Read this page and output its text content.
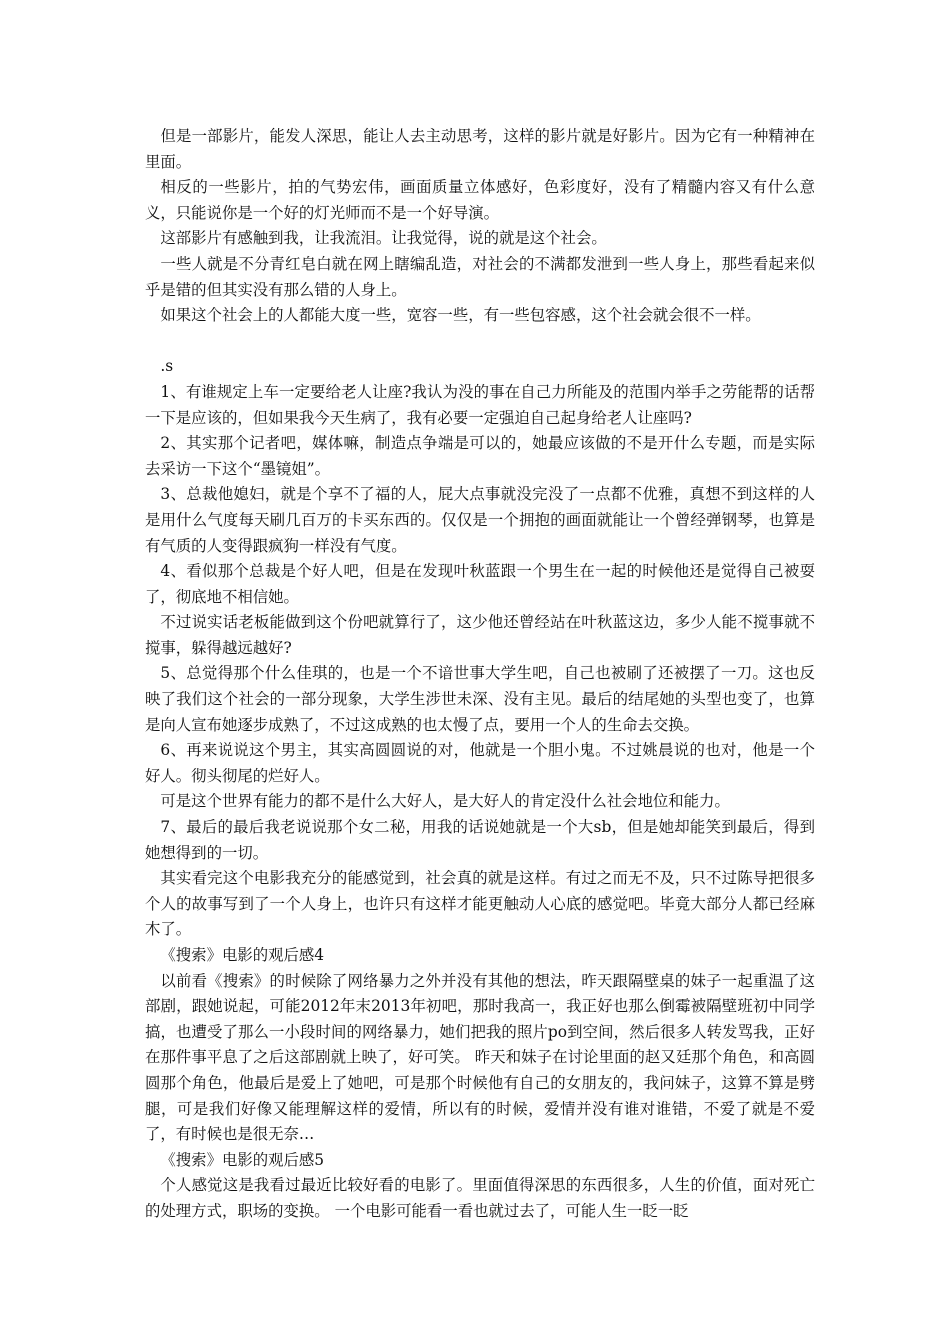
但是一部影片，能发人深思，能让人去主动思考，这样的影片就是好影片。因为它有一种精神在里面。

相反的一些影片，拍的气势宏伟，画面质量立体感好，色彩度好，没有了精髓内容又有什么意义，只能说你是一个好的灯光师而不是一个好导演。

这部影片有感触到我，让我流泪。让我觉得，说的就是这个社会。

一些人就是不分青红皂白就在网上瞎编乱造，对社会的不满都发泄到一些人身上，那些看起来似乎是错的但其实没有那么错的人身上。

如果这个社会上的人都能大度一些，宽容一些，有一些包容感，这个社会就会很不一样。

.s

1、有谁规定上车一定要给老人让座?我认为没的事在自己力所能及的范围内举手之劳能帮的话帮一下是应该的，但如果我今天生病了，我有必要一定强迫自己起身给老人让座吗?

2、其实那个记者吧，媒体嘛，制造点争端是可以的，她最应该做的不是开什么专题，而是实际去采访一下这个“墨镜姐”。

3、总裁他媳妇，就是个享不了福的人，屁大点事就没完没了一点都不优雅，真想不到这样的人是用什么气度每天刷几百万的卡买东西的。仅仅是一个拥抱的画面就能让一个曾经弹钢琴，也算是有气质的人变得跟疯狗一样没有气度。

4、看似那个总裁是个好人吧，但是在发现叶秋蓝跟一个男生在一起的时候他还是觉得自己被耍了，彻底地不相信她。

不过说实话老板能做到这个份吧就算行了，这少他还曾经站在叶秋蓝这边，多少人能不搅事就不搅事，躲得越远越好?

5、总觉得那个什么佳琪的，也是一个不谙世事大学生吧，自己也被刷了还被摆了一刀。这也反映了我们这个社会的一部分现象，大学生涉世未深、没有主见。最后的结尾她的头型也变了，也算是向人宣布她逐步成熟了，不过这成熟的也太慢了点，要用一个人的生命去交换。

6、再来说说这个男主，其实高圆圆说的对，他就是一个胆小鬼。不过姚晨说的也对，他是一个好人。彻头彻尾的烂好人。

可是这个世界有能力的都不是什么大好人，是大好人的肯定没什么社会地位和能力。

7、最后的最后我老说说那个女二秘，用我的话说她就是一个大sb，但是她却能笑到最后，得到她想得到的一切。

其实看完这个电影我充分的能感觉到，社会真的就是这样。有过之而无不及，只不过陈导把很多个人的故事写到了一个人身上，也许只有这样才能更触动人心底的感觉吧。毕竟大部分人都已经麻木了。

《搜索》电影的观后感4

以前看《搜索》的时候除了网络暴力之外并没有其他的想法，昨天跟隔壁桌的妹子一起重温了这部剧，跟她说起，可能2012年末2013年初吧，那时我高一，我正好也那么倒霉被隔壁班初中同学搞，也遭受了那么一小段时间的网络暴力，她们把我的照片po到空间，然后很多人转发骂我，正好在那件事平息了之后这部剧就上映了，好可笑。 昨天和妹子在讨论里面的赵又廷那个角色，和高圆圆那个角色，他最后是爱上了她吧，可是那个时候他有自己的女朋友的，我问妹子，这算不算是劈腿，可是我们好像又能理解这样的爱情，所以有的时候，爱情并没有谁对谁错，不爱了就是不爱了，有时候也是很无奈…

《搜索》电影的观后感5

个人感觉这是我看过最近比较好看的电影了。里面值得深思的东西很多，人生的价值，面对死亡的处理方式，职场的变换。 一个电影可能看一看也就过去了，可能人生一眨一眨
